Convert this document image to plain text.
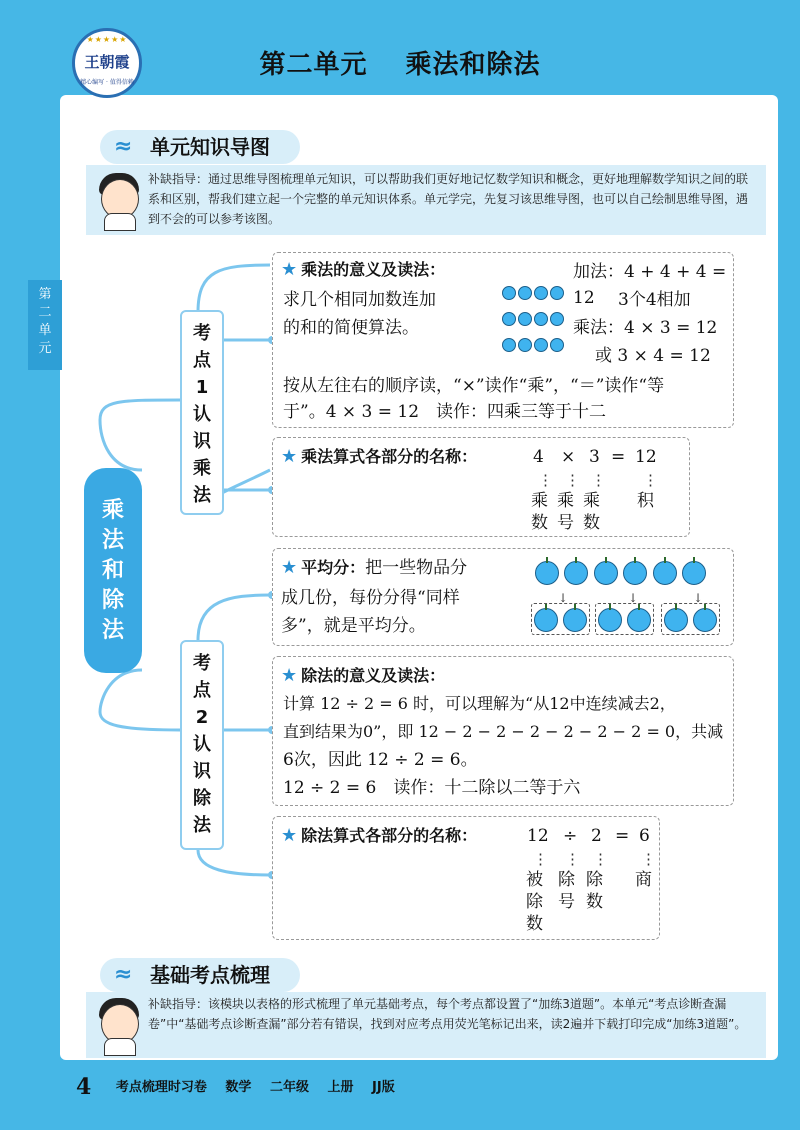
★★★★★
王朝霞
精心编写 · 值得信赖
第二单元 乘法和除法
第二单元
≈ 单元知识导图
补缺指导：通过思维导图梳理单元知识，可以帮助我们更好地记忆数学知识和概念，更好地理解数学知识之间的联系和区别，帮我们建立起一个完整的单元知识体系。单元学完，先复习该思维导图，也可以自己绘制思维导图，遇到不会的可以参考该图。
乘法和除法
考点1 认识乘法
考点2 认识除法
★ 乘法的意义及读法：
求几个相同加数连加
的和的简便算法。

加法：4 + 4 + 4 = 12	3个4相加
乘法：4 × 3 = 12
或 3 × 4 = 12
按从左往右的顺序读，“×”读作“乘”，“＝”读作“等
于”。4 × 3 = 12　读作：四乘三等于十二
★ 乘法算式各部分的名称：	4 × 3 = 12
⋮ ⋮ ⋮ ⋮
乘数
乘号
乘数
积
★ 平均分：把一些物品分
成几份，每份分得“同样
多”，就是平均分。

↓	↓	↓

★ 除法的意义及读法：
计算 12 ÷ 2 = 6 时，可以理解为“从12中连续减去2，
直到结果为0”，即 12 − 2 − 2 − 2 − 2 − 2 − 2 = 0，共减
6次，因此 12 ÷ 2 = 6。
12 ÷ 2 = 6　读作：十二除以二等于六
★ 除法算式各部分的名称：	12 ÷ 2 = 6
⋮ ⋮ ⋮ ⋮
被除数
除号
除数
商
≈ 基础考点梳理
补缺指导：该模块以表格的形式梳理了单元基础考点，每个考点都设置了“加练3道题”。本单元“考点诊断查漏卷”中“基础考点诊断查漏”部分若有错误，找到对应考点用荧光笔标记出来，读2遍并下载打印完成“加练3道题”。
4 考点梳理时习卷 数学 二年级 上册 JJ版
